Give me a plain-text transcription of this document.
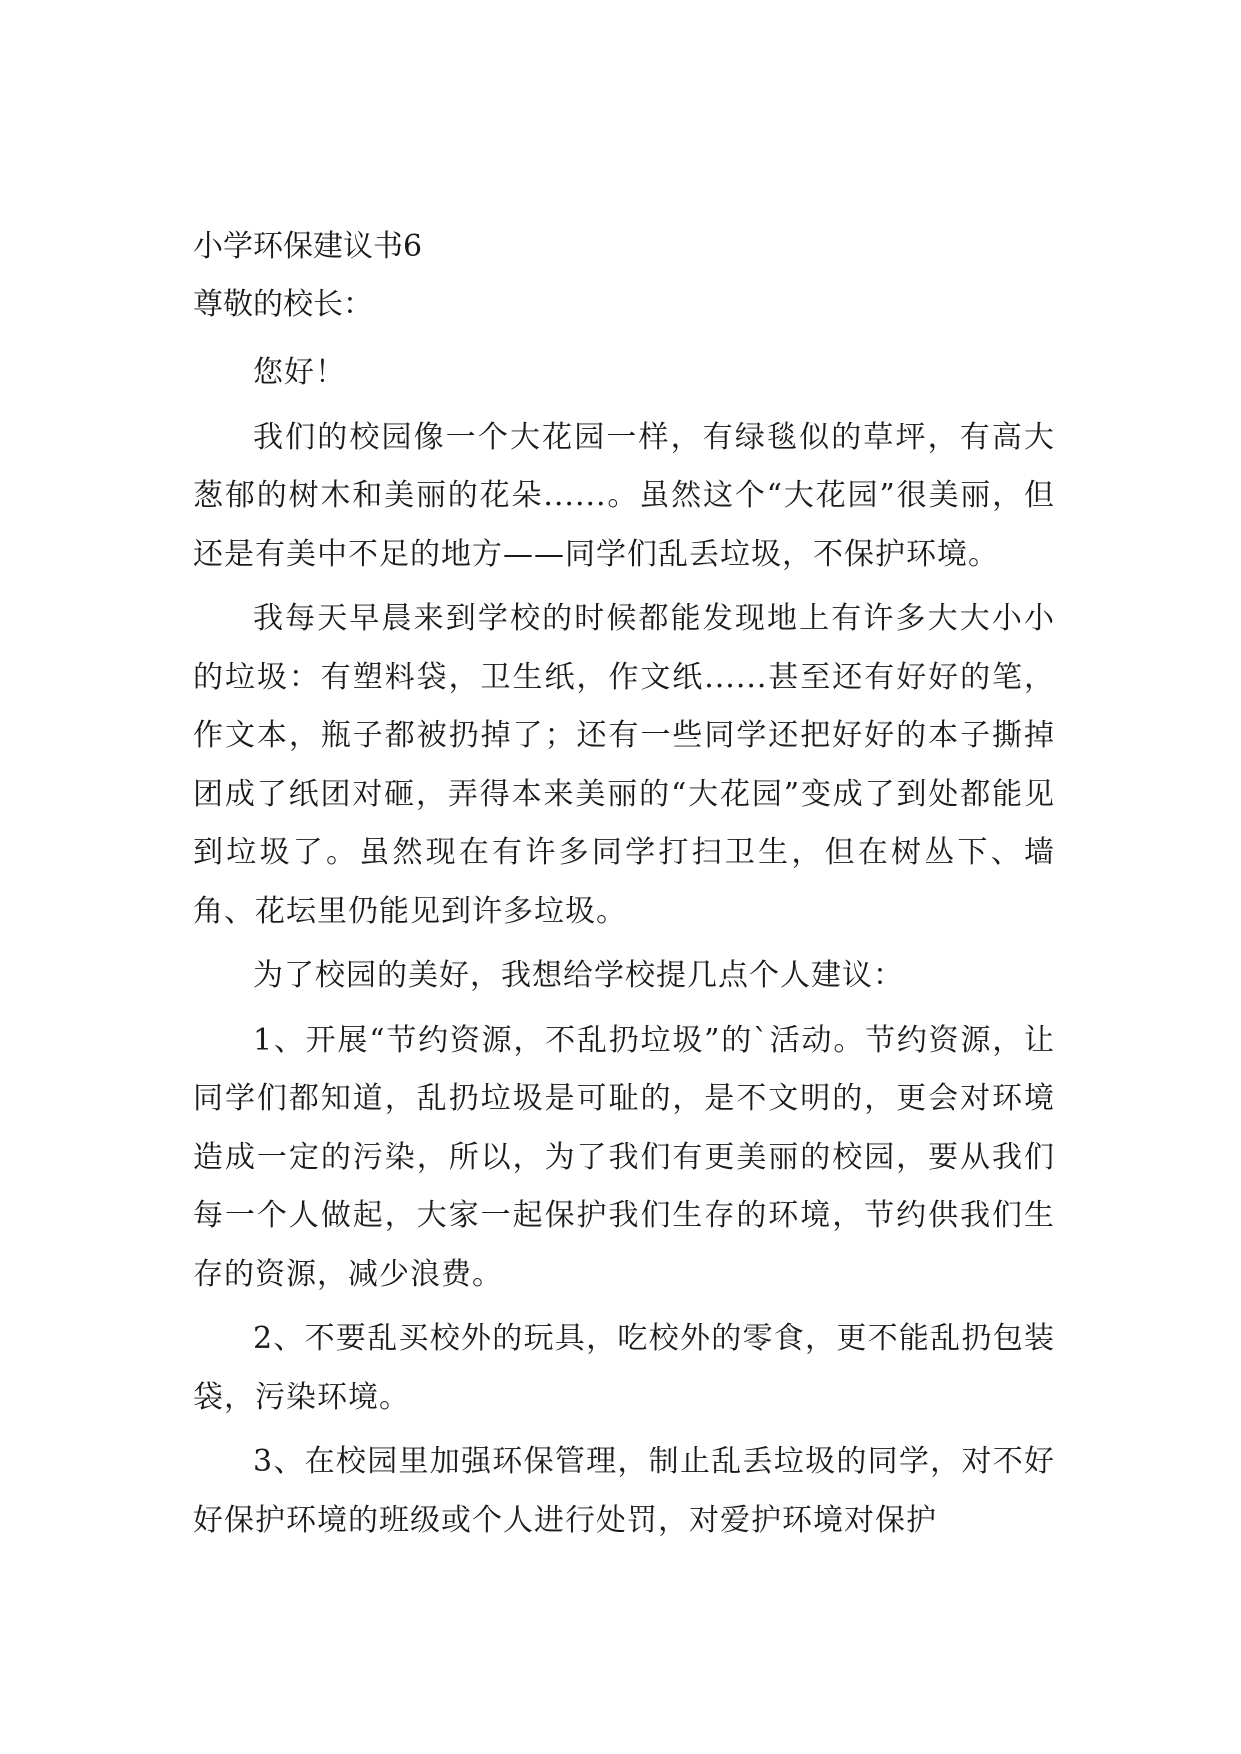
小学环保建议书6

尊敬的校长：

您好！

我们的校园像一个大花园一样，有绿毯似的草坪，有高大葱郁的树木和美丽的花朵......。虽然这个“大花园”很美丽，但还是有美中不足的地方——同学们乱丢垃圾，不保护环境。

我每天早晨来到学校的时候都能发现地上有许多大大小小的垃圾：有塑料袋，卫生纸，作文纸......甚至还有好好的笔，作文本，瓶子都被扔掉了；还有一些同学还把好好的本子撕掉团成了纸团对砸，弄得本来美丽的“大花园”变成了到处都能见到垃圾了。虽然现在有许多同学打扫卫生，但在树丛下、墙角、花坛里仍能见到许多垃圾。

为了校园的美好，我想给学校提几点个人建议：

1、开展“节约资源，不乱扔垃圾”的`活动。节约资源，让同学们都知道，乱扔垃圾是可耻的，是不文明的，更会对环境造成一定的污染，所以，为了我们有更美丽的校园，要从我们每一个人做起，大家一起保护我们生存的环境，节约供我们生存的资源，减少浪费。

2、不要乱买校外的玩具，吃校外的零食，更不能乱扔包装袋，污染环境。

3、在校园里加强环保管理，制止乱丢垃圾的同学，对不好好保护环境的班级或个人进行处罚，对爱护环境对保护
